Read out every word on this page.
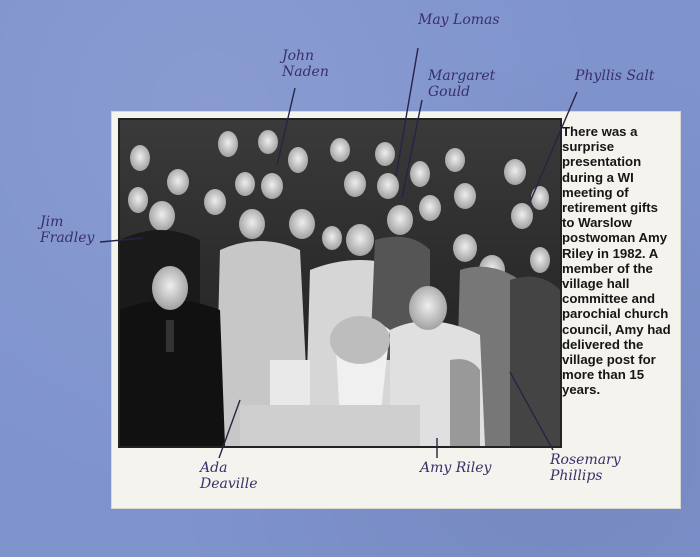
There was a surprise presentation during a WI meeting of retirement gifts to Warslow postwoman Amy Riley in 1982. A member of the village hall committee and parochial church council, Amy had delivered the village post for more than 15 years.

John
Naden
May Lomas
Margaret
Gould
Phyllis Salt
Jim
Fradley
Ada
Deaville
Amy Riley	Rosemary
Phillips
